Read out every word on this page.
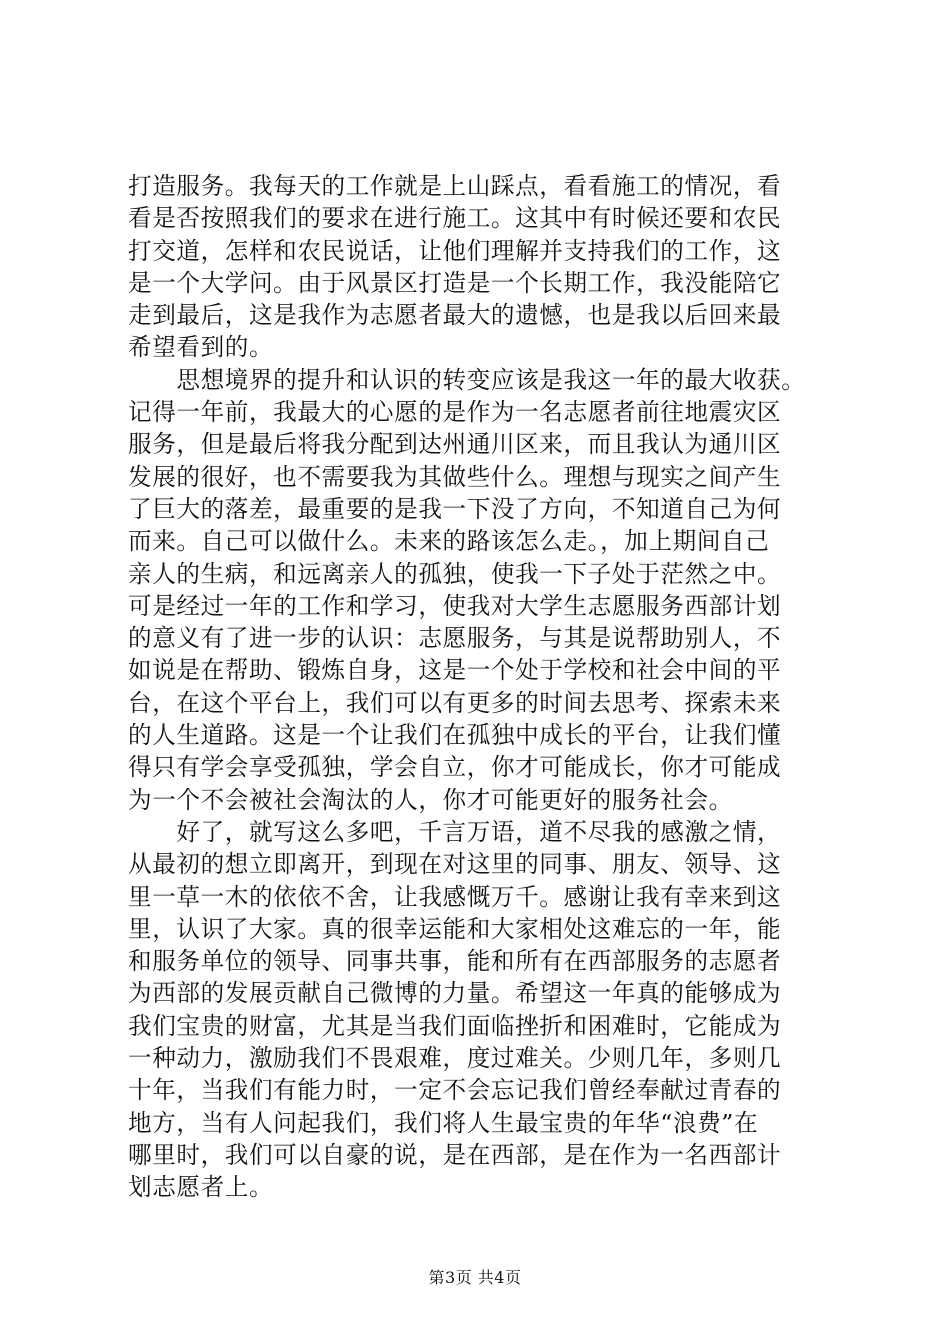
打造服务。我每天的工作就是上山踩点，看看施工的情况，看
看是否按照我们的要求在进行施工。这其中有时候还要和农民
打交道，怎样和农民说话，让他们理解并支持我们的工作，这
是一个大学问。由于风景区打造是一个长期工作，我没能陪它
走到最后，这是我作为志愿者最大的遗憾，也是我以后回来最
希望看到的。
　　思想境界的提升和认识的转变应该是我这一年的最大收获。
记得一年前，我最大的心愿的是作为一名志愿者前往地震灾区
服务，但是最后将我分配到达州通川区来，而且我认为通川区
发展的很好，也不需要我为其做些什么。理想与现实之间产生
了巨大的落差，最重要的是我一下没了方向，不知道自己为何
而来。自己可以做什么。未来的路该怎么走。，加上期间自己
亲人的生病，和远离亲人的孤独，使我一下子处于茫然之中。
可是经过一年的工作和学习，使我对大学生志愿服务西部计划
的意义有了进一步的认识：志愿服务，与其是说帮助别人，不
如说是在帮助、锻炼自身，这是一个处于学校和社会中间的平
台，在这个平台上，我们可以有更多的时间去思考、探索未来
的人生道路。这是一个让我们在孤独中成长的平台，让我们懂
得只有学会享受孤独，学会自立，你才可能成长，你才可能成
为一个不会被社会淘汰的人，你才可能更好的服务社会。
　　好了，就写这么多吧，千言万语，道不尽我的感激之情，
从最初的想立即离开，到现在对这里的同事、朋友、领导、这
里一草一木的依依不舍，让我感慨万千。感谢让我有幸来到这
里，认识了大家。真的很幸运能和大家相处这难忘的一年，能
和服务单位的领导、同事共事，能和所有在西部服务的志愿者
为西部的发展贡献自己微博的力量。希望这一年真的能够成为
我们宝贵的财富，尤其是当我们面临挫折和困难时，它能成为
一种动力，激励我们不畏艰难，度过难关。少则几年，多则几
十年，当我们有能力时，一定不会忘记我们曾经奉献过青春的
地方，当有人问起我们，我们将人生最宝贵的年华“浪费”在
哪里时，我们可以自豪的说，是在西部，是在作为一名西部计
划志愿者上。
第3页 共4页
